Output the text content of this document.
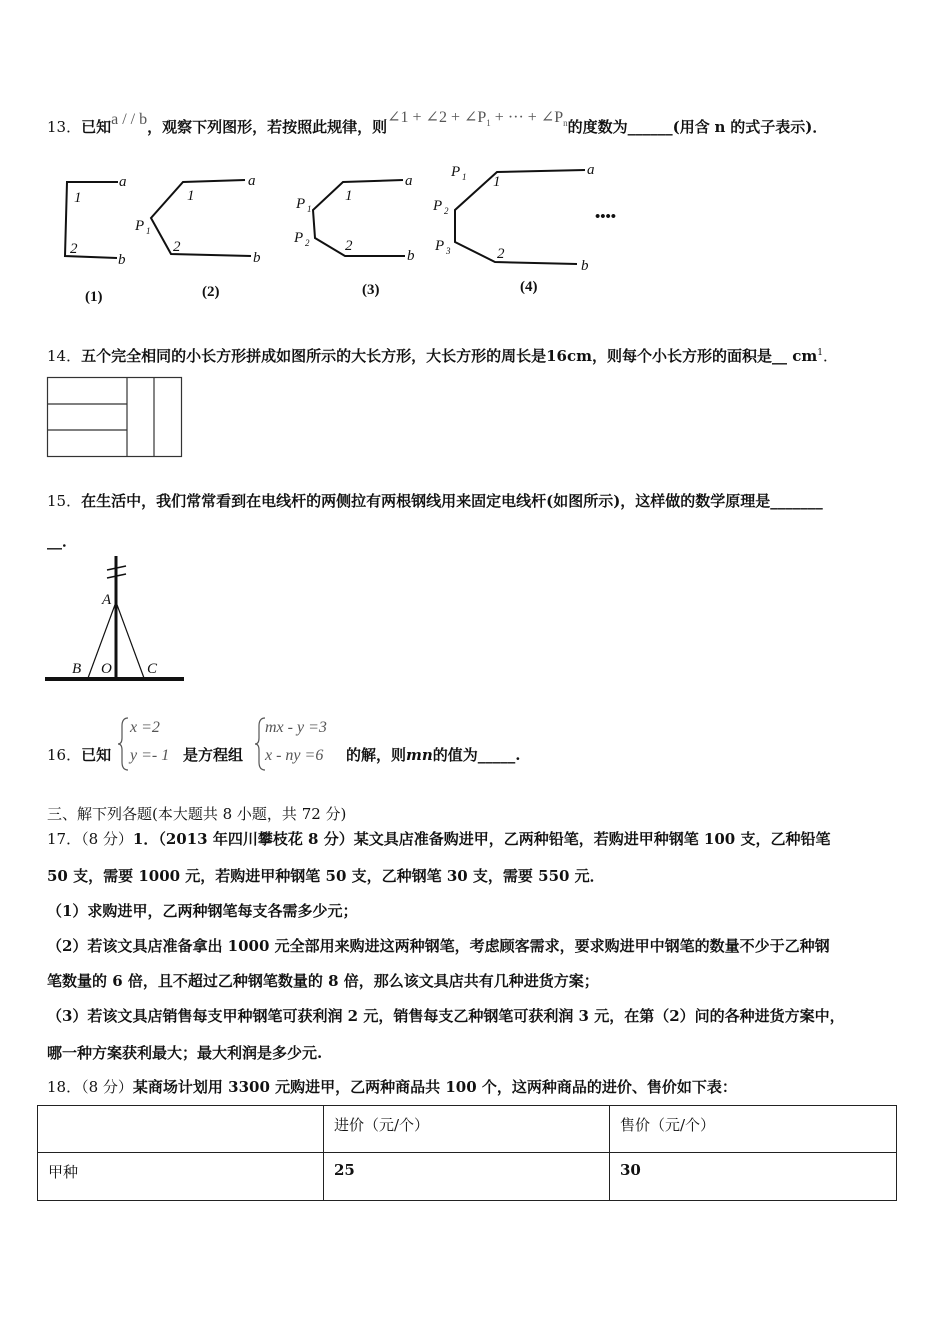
13．已知a / / b，观察下列图形，若按照此规律，则∠1 + ∠2 + $\angle P_1$ + ··· + $\angle P_n$的度数为______(用含 n 的式子表示)．
a
b
1
2
a
b
1
2
P 1
a
b
1
2
P 1
P 2
a
b
1
2
P 1
P 2
P 3
••••
(1)	(2)	(3)	(4)
14．五个完全相同的小长方形拼成如图所示的大长方形，大长方形的周长是16cm，则每个小长方形的面积是__ $cm^1$．
15．在生活中，我们常常看到在电线杆的两侧拉有两根钢线用来固定电线杆(如图所示)，这样做的数学原理是_______
__．
A
B O C
16．已知
x =2
y =- 1 是方程组
mx - y =3
x - ny =6 的解，则mn的值为_____.
三、解下列各题(本大题共 8 小题，共 72 分)
17．（8 分）1．（2013 年四川攀枝花 8 分）某文具店准备购进甲，乙两种铅笔，若购进甲种钢笔 100 支，乙种铅笔
50 支，需要 1000 元，若购进甲种钢笔 50 支，乙种钢笔 30 支，需要 550 元．
（1）求购进甲，乙两种钢笔每支各需多少元；
（2）若该文具店准备拿出 1000 元全部用来购进这两种钢笔，考虑顾客需求，要求购进甲中钢笔的数量不少于乙种钢
笔数量的 6 倍，且不超过乙种钢笔数量的 8 倍，那么该文具店共有几种进货方案；
（3）若该文具店销售每支甲种钢笔可获利润 2 元，销售每支乙种钢笔可获利润 3 元，在第（2）问的各种进货方案中，
哪一种方案获利最大；最大利润是多少元.
18．（8 分）某商场计划用 3300 元购进甲，乙两种商品共 100 个，这两种商品的进价、售价如下表：
	进价（元/个）	售价（元/个）
甲种	25	30
